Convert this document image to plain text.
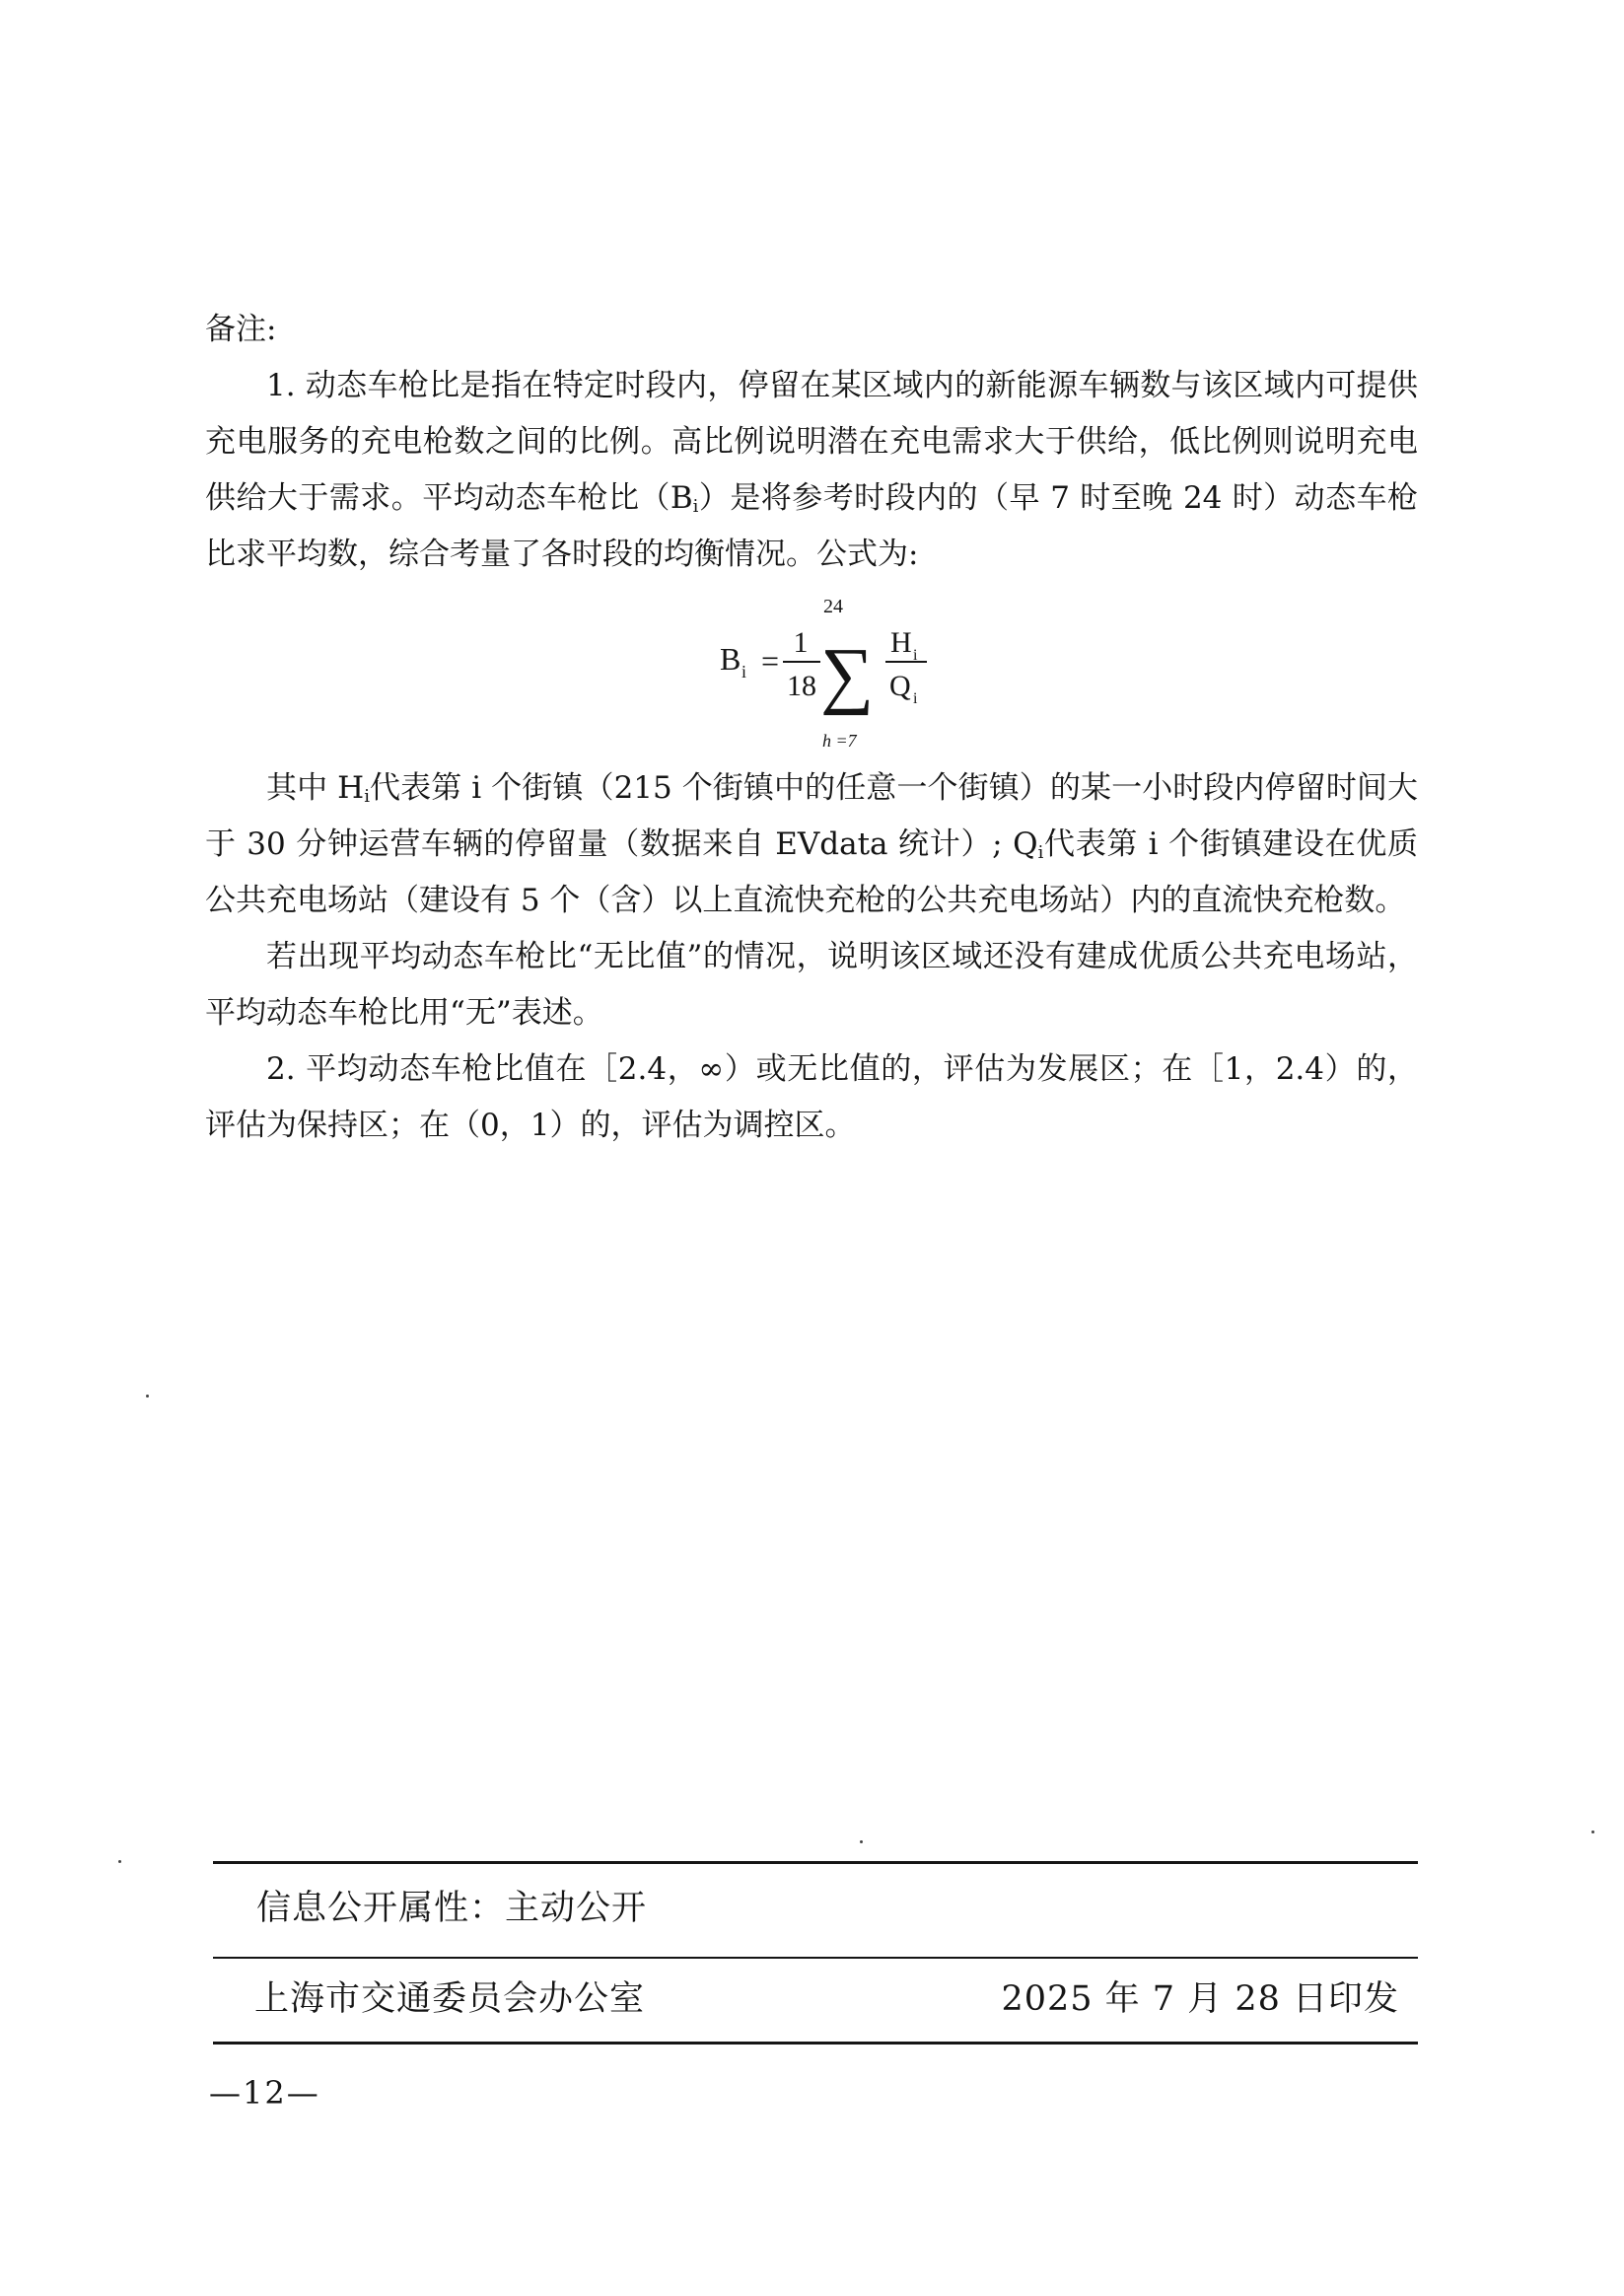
备注:

1. 动态车枪比是指在特定时段内，停留在某区域内的新能源车辆数与该区域内可提供充电服务的充电枪数之间的比例。高比例说明潜在充电需求大于供给，低比例则说明充电供给大于需求。平均动态车枪比$(B_i)$是将参考时段内的（早 7 时至晚 24 时）动态车枪比求平均数，综合考量了各时段的均衡情况。公式为:

B i =
1
18
24
∑
h =7
H i
Q i

其中 $H_i$代表第 i 个街镇（215 个街镇中的任意一个街镇）的某一小时段内停留时间大于 30 分钟运营车辆的停留量（数据来自 EVdata 统计）; $Q_i$代表第 i 个街镇建设在优质公共充电场站（建设有 5 个（含）以上直流快充枪的公共充电场站）内的直流快充枪数。

若出现平均动态车枪比“无比值”的情况，说明该区域还没有建成优质公共充电场站，平均动态车枪比用“无”表述。

2. 平均动态车枪比值在［2.4，∞）或无比值的，评估为发展区；在［1，2.4）的，评估为保持区；在（0，1）的，评估为调控区。

信息公开属性：主动公开
上海市交通委员会办公室	2025 年 7 月 28 日印发
—12—
